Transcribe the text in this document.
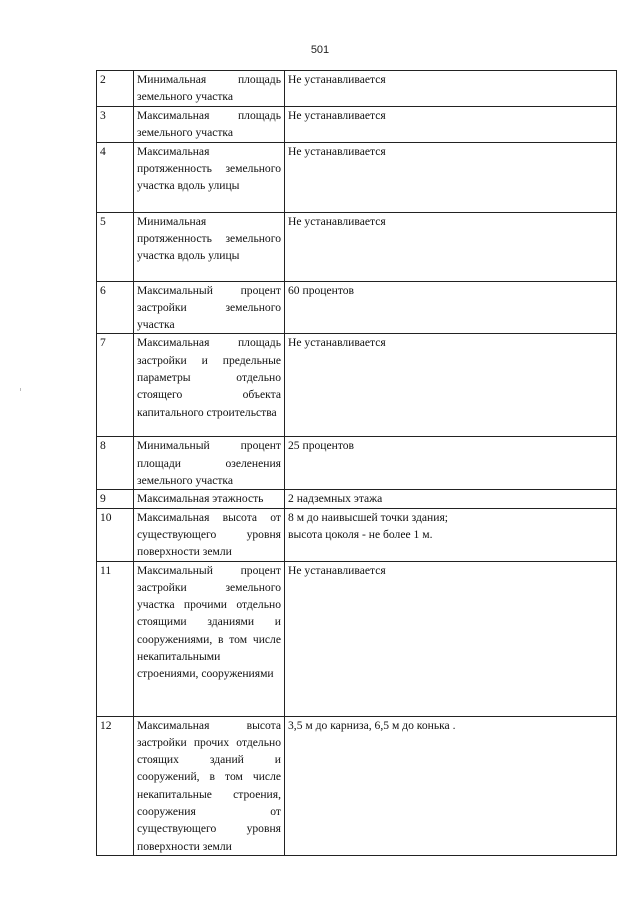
501
2	Минимальная площадь земельного участка	Не устанавливается

3	Максимальная площадь земельного участка	Не устанавливается

4	Максимальная протяженность земельного участка вдоль улицы	Не устанавливается

5	Минимальная протяженность земельного участка вдоль улицы	Не устанавливается

6	Максимальный процент застройки земельного участка	60 процентов

7	Максимальная площадь застройки и предельные параметры отдельно стоящего объекта капитального строительства	Не устанавливается

8	Минимальный процент площади озеленения земельного участка	25 процентов

9	Максимальная этажность	2 надземных этажа

10	Максимальная высота от существующего уровня поверхности земли	8 м до наивысшей точки здания;
высота цоколя - не более 1 м.

11	Максимальный процент застройки земельного участка прочими отдельно стоящими зданиями и сооружениями, в том числе некапитальными строениями, сооружениями	Не устанавливается

12	Максимальная высота застройки прочих отдельно стоящих зданий и сооружений, в том числе некапитальные строения, сооружения от существующего уровня поверхности земли	3,5 м до карниза, 6,5 м до конька .
